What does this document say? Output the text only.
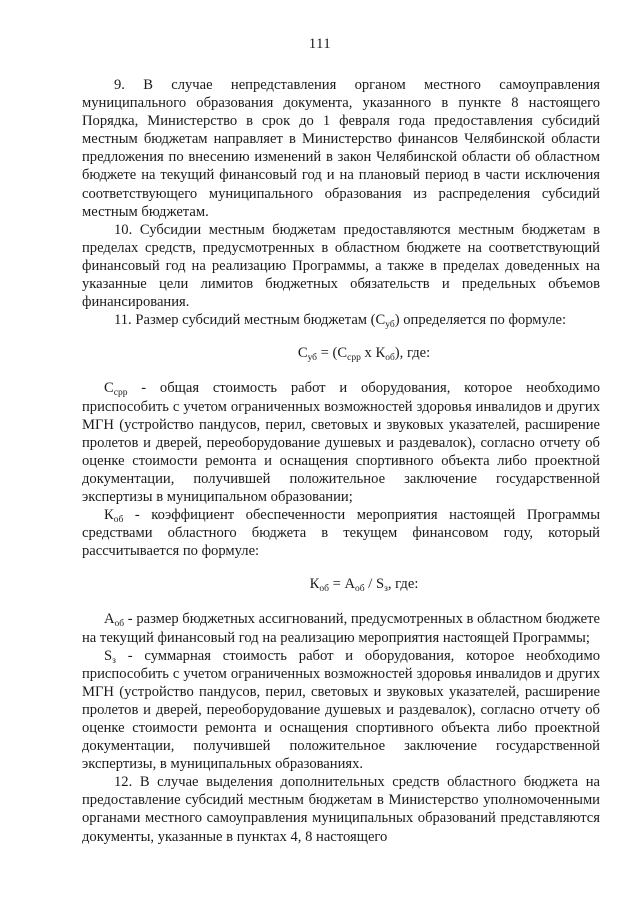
111

9. В случае непредставления органом местного самоуправления муниципального образования документа, указанного в пункте 8 настоящего Порядка, Министерство в срок до 1 февраля года предоставления субсидий местным бюджетам направляет в Министерство финансов Челябинской области предложения по внесению изменений в закон Челябинской области об областном бюджете на текущий финансовый год и на плановый период в части исключения соответствующего муниципального образования из распределения субсидий местным бюджетам.

10. Субсидии местным бюджетам предоставляются местным бюджетам в пределах средств, предусмотренных в областном бюджете на соответствующий финансовый год на реализацию Программы, а также в пределах доведенных на указанные цели лимитов бюджетных обязательств и предельных объемов финансирования.

11. Размер субсидий местным бюджетам $(С_{уб})$ определяется по формуле:

$С_{уб} = (С_{срр}$ х $К_{об}$), где:

$С_{срр}$ - общая стоимость работ и оборудования, которое необходимо приспособить с учетом ограниченных возможностей здоровья инвалидов и других МГН (устройство пандусов, перил, световых и звуковых указателей, расширение пролетов и дверей, переоборудование душевых и раздевалок), согласно отчету об оценке стоимости ремонта и оснащения спортивного объекта либо проектной документации, получившей положительное заключение государственной экспертизы в муниципальном образовании;

$К_{об}$ - коэффициент обеспеченности мероприятия настоящей Программы средствами областного бюджета в текущем финансовом году, который рассчитывается по формуле:

$К_{об} = А_{об} / S_з$, где:

$А_{об}$ - размер бюджетных ассигнований, предусмотренных в областном бюджете на текущий финансовый год на реализацию мероприятия настоящей Программы;

$S_з$ - суммарная стоимость работ и оборудования, которое необходимо приспособить с учетом ограниченных возможностей здоровья инвалидов и других МГН (устройство пандусов, перил, световых и звуковых указателей, расширение пролетов и дверей, переоборудование душевых и раздевалок), согласно отчету об оценке стоимости ремонта и оснащения спортивного объекта либо проектной документации, получившей положительное заключение государственной экспертизы, в муниципальных образованиях.

12. В случае выделения дополнительных средств областного бюджета на предоставление субсидий местным бюджетам в Министерство уполномоченными органами местного самоуправления муниципальных образований представляются документы, указанные в пунктах 4, 8 настоящего
